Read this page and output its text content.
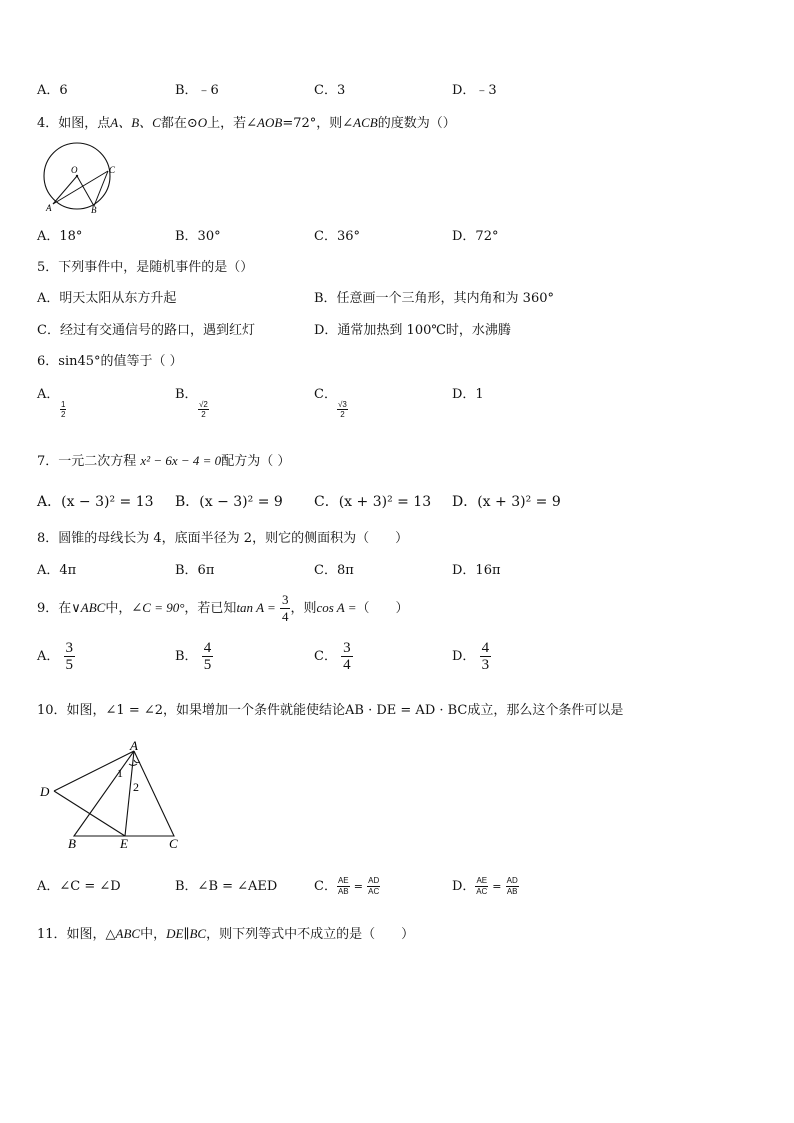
A．6	B．﹣6	C．3	D．﹣3
4．如图，点A、B、C都在⊙O上，若∠AOB=72°，则∠ACB的度数为（）
O	C
A	B
A．18°	B．30°	C．36°	D．72°
5．下列事件中，是随机事件的是（）
A．明天太阳从东方升起	B．任意画一个三角形，其内角和为 360°
C．经过有交通信号的路口，遇到红灯	D．通常加热到 100℃时，水沸腾
6．sin45°的值等于（ ）
A．
1
2
B．
√2
2
C．
√3
2
D．1
7．一元二次方程 x² − 6x − 4 = 0配方为（ ）
A．(x − 3)² = 13 B．(x − 3)² = 9 C．(x + 3)² = 13 D．(x + 3)² = 9
8．圆锥的母线长为 4，底面半径为 2，则它的侧面积为（　　）
A．4π	B．6π	C．8π	D．16π
9．在∨ABC中，∠C = 90°，若已知$\tan A = \frac{3}{4}$ ，则cos A =（　　）
A． $\frac{3}{5}$	B． $\frac{4}{5}$	C． $\frac{3}{4}$	D． $\frac{4}{3}$
10．如图，∠1 = ∠2，如果增加一个条件就能使结论AB · DE = AD · BC成立，那么这个条件可以是
A
D
B	E	C
1
2
A．∠C = ∠D	B．∠B = ∠AED	C． $\frac{AE}{AB} = \frac{AD}{AC}$	D． $\frac{AE}{AC} = \frac{AD}{AB}$
11．如图，△ABC中，DE∥BC，则下列等式中不成立的是（　　）
